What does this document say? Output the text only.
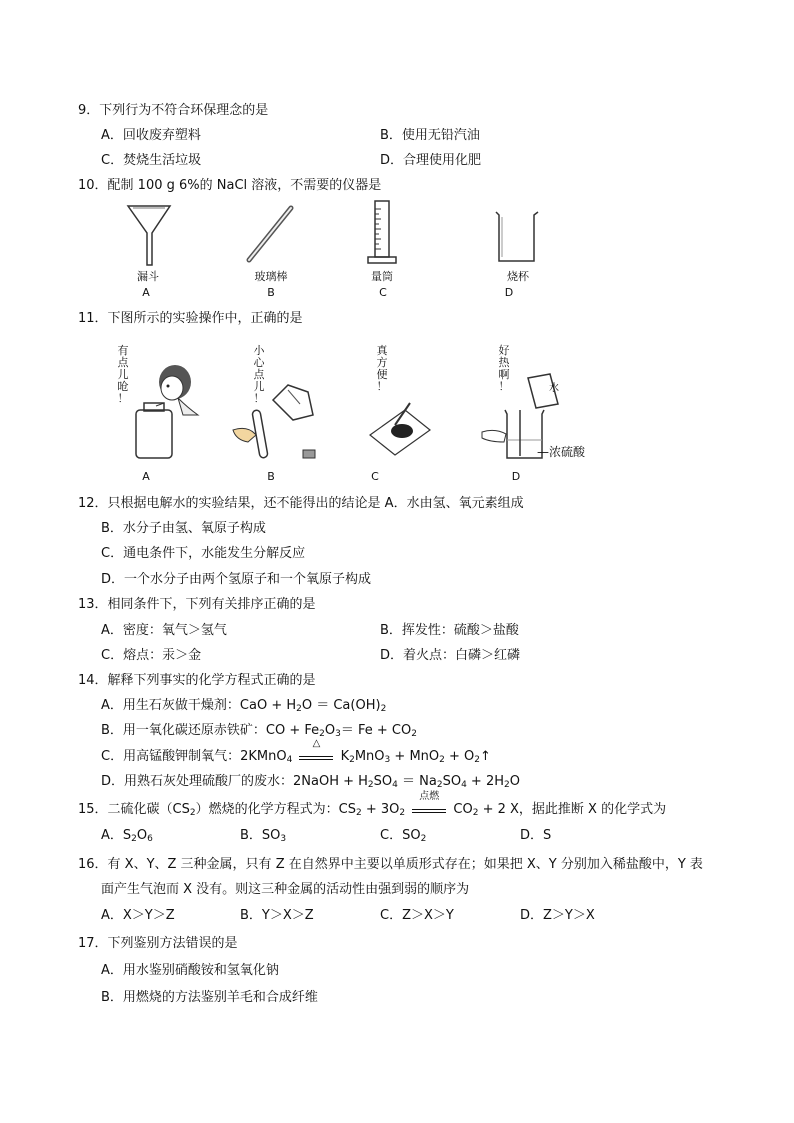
9．下列行为不符合环保理念的是
A．回收废弃塑料	B．使用无铅汽油
C．焚烧生活垃圾	D．合理使用化肥
10．配制 100 g 6%的 NaCl 溶液，不需要的仪器是
漏斗
A
玻璃棒
B
量筒
C
烧杯
D
11．下图所示的实验操作中，正确的是
有
点
儿
呛
！
A
小
心
点
儿
！
B
真
方
便
！
C
好
热
啊
！	水
—浓硫酸
D
12．只根据电解水的实验结果，还不能得出的结论是 A．水由氢、氧元素组成
B．水分子由氢、氧原子构成
C．通电条件下，水能发生分解反应
D．一个水分子由两个氢原子和一个氧原子构成
13．相同条件下，下列有关排序正确的是
A．密度：氧气＞氢气	B．挥发性：硫酸＞盐酸
C．熔点：汞＞金	D．着火点：白磷＞红磷
14．解释下列事实的化学方程式正确的是
A．用生石灰做干燥剂：CaO + $H_2O = Ca(OH)_2$
B．用一氧化碳还原赤铁矿：CO + $Fe_2O_3= Fe + CO_2$
C．用高锰酸钾制氧气：2KMnO$_4$
△
$K_2MnO_3 + MnO_2$ + $O_2↑$
D．用熟石灰处理硫酸厂的废水：2NaOH + $H_2SO_4 = Na_2SO_4 + 2H_2O$
15．二硫化碳$(CS_2)$燃烧的化学方程式为：$CS_2 + 3O_2$
点燃
$CO_2 + 2$ X，据此推断 X 的化学式为
A．$S_2O_6$	B．$SO_3$	C．$SO_2$	D．S
16．有 X、Y、Z 三种金属，只有 Z 在自然界中主要以单质形式存在；如果把 X、Y 分别加入稀盐酸中，Y 表
面产生气泡而 X 没有。则这三种金属的活动性由强到弱的顺序为
A．X＞Y＞Z	B．Y＞X＞Z	C．Z＞X＞Y	D．Z＞Y＞X
17．下列鉴别方法错误的是
A．用水鉴别硝酸铵和氢氧化钠
B．用燃烧的方法鉴别羊毛和合成纤维
